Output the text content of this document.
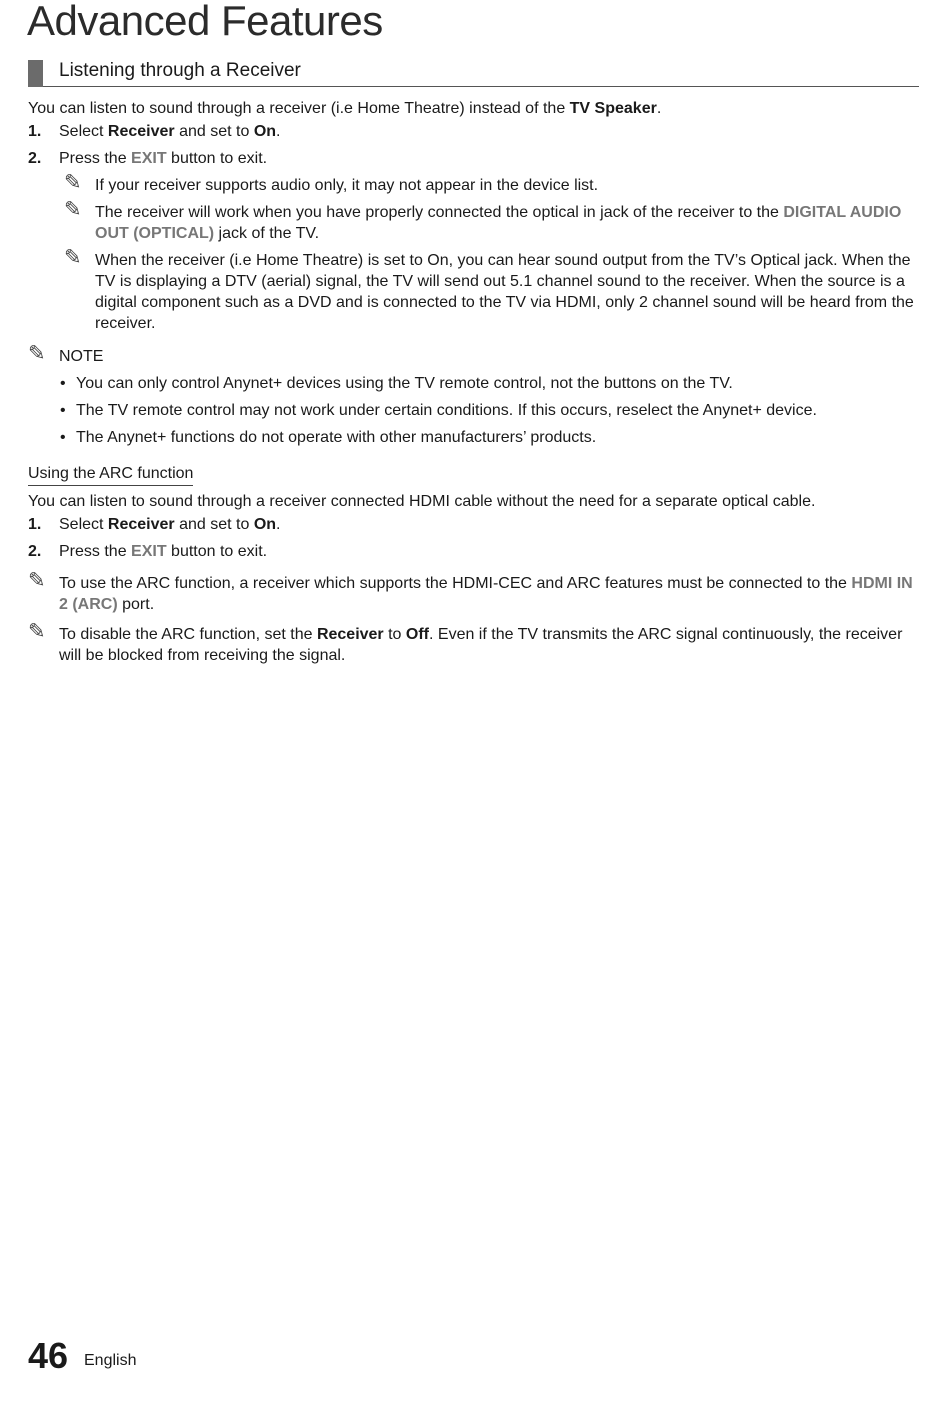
Advanced Features
Listening through a Receiver

You can listen to sound through a receiver (i.e Home Theatre) instead of the TV Speaker.

1. Select Receiver and set to On.
2. Press the EXIT button to exit.
✎ If your receiver supports audio only, it may not appear in the device list.
✎ The receiver will work when you have properly connected the optical in jack of the receiver to the DIGITAL AUDIO OUT (OPTICAL) jack of the TV.
✎ When the receiver (i.e Home Theatre) is set to On, you can hear sound output from the TV’s Optical jack. When the TV is displaying a DTV (aerial) signal, the TV will send out 5.1 channel sound to the receiver. When the source is a digital component such as a DVD and is connected to the TV via HDMI, only 2 channel sound will be heard from the receiver.
✎ NOTE
• You can only control Anynet+ devices using the TV remote control, not the buttons on the TV.
• The TV remote control may not work under certain conditions. If this occurs, reselect the Anynet+ device.
• The Anynet+ functions do not operate with other manufacturers’ products.
Using the ARC function

You can listen to sound through a receiver connected HDMI cable without the need for a separate optical cable.

1. Select Receiver and set to On.
2. Press the EXIT button to exit.
✎ To use the ARC function, a receiver which supports the HDMI-CEC and ARC features must be connected to the HDMI IN 2 (ARC) port.
✎ To disable the ARC function, set the Receiver to Off. Even if the TV transmits the ARC signal continuously, the receiver will be blocked from receiving the signal.
46 English
